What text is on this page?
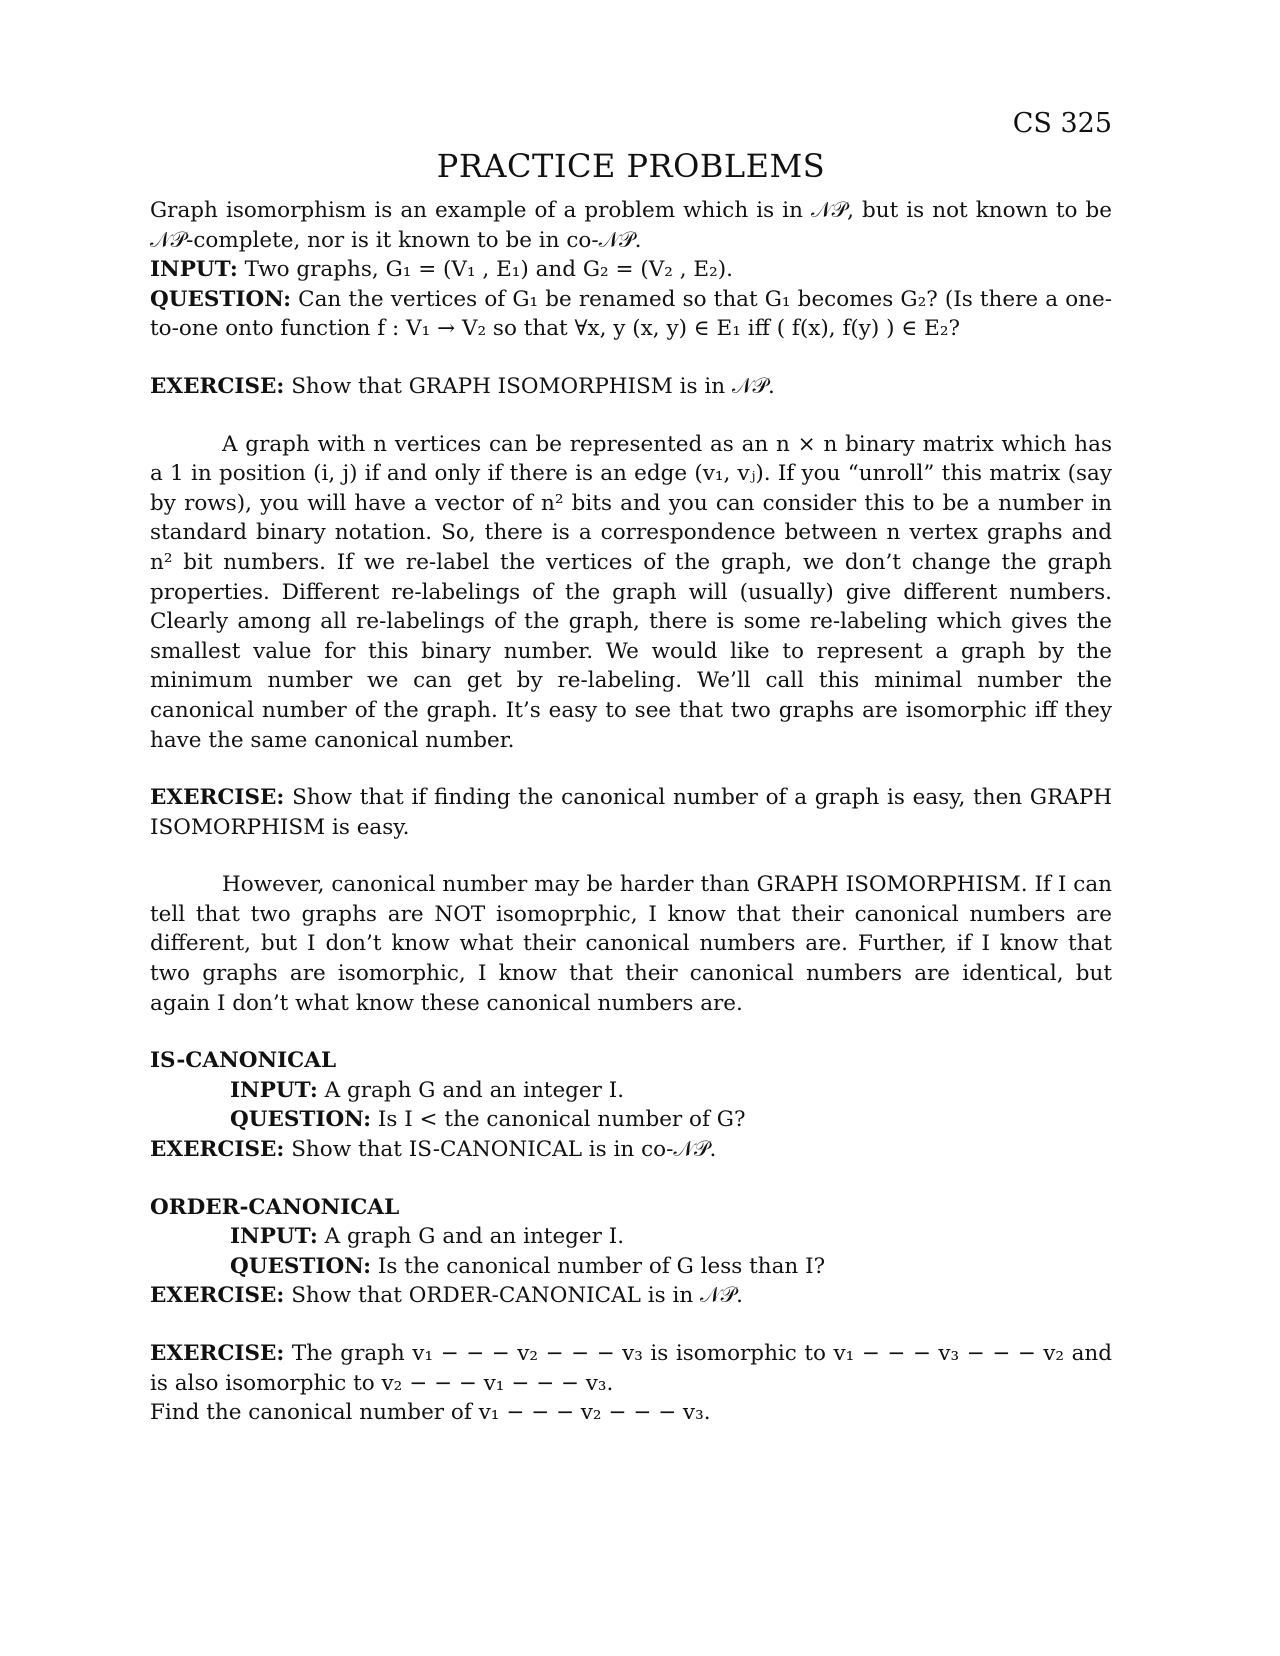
CS 325
PRACTICE PROBLEMS

Graph isomorphism is an example of a problem which is in 𝒩𝒫, but is not known to be 𝒩𝒫-complete, nor is it known to be in co-𝒩𝒫.

INPUT: Two graphs, G₁ = (V₁ , E₁) and G₂ = (V₂ , E₂).

QUESTION: Can the vertices of G₁ be renamed so that G₁ becomes G₂? (Is there a one-to-one onto function f : V₁ → V₂ so that ∀x, y (x, y) ∈ E₁ iff ( f(x), f(y) ) ∈ E₂?

EXERCISE: Show that GRAPH ISOMORPHISM is in 𝒩𝒫.

A graph with n vertices can be represented as an n × n binary matrix which has a 1 in position (i, j) if and only if there is an edge (v₁, vⱼ). If you “unroll” this matrix (say by rows), you will have a vector of n² bits and you can consider this to be a number in standard binary notation. So, there is a correspondence between n vertex graphs and n² bit numbers. If we re-label the vertices of the graph, we don’t change the graph properties. Different re-labelings of the graph will (usually) give different numbers. Clearly among all re-labelings of the graph, there is some re-labeling which gives the smallest value for this binary number. We would like to represent a graph by the minimum number we can get by re-labeling. We’ll call this minimal number the canonical number of the graph. It’s easy to see that two graphs are isomorphic iff they have the same canonical number.

EXERCISE: Show that if finding the canonical number of a graph is easy, then GRAPH ISOMORPHISM is easy.

However, canonical number may be harder than GRAPH ISOMORPHISM. If I can tell that two graphs are NOT isomoprphic, I know that their canonical numbers are different, but I don’t know what their canonical numbers are. Further, if I know that two graphs are isomorphic, I know that their canonical numbers are identical, but again I don’t what know these canonical numbers are.

IS-CANONICAL
INPUT: A graph G and an integer I.
QUESTION: Is I < the canonical number of G?
EXERCISE: Show that IS-CANONICAL is in co-𝒩𝒫.
ORDER-CANONICAL
INPUT: A graph G and an integer I.
QUESTION: Is the canonical number of G less than I?
EXERCISE: Show that ORDER-CANONICAL is in 𝒩𝒫.

EXERCISE: The graph v₁ − − − v₂ − − − v₃ is isomorphic to v₁ − − − v₃ − − − v₂ and is also isomorphic to v₂ − − − v₁ − − − v₃.

Find the canonical number of v₁ − − − v₂ − − − v₃.
